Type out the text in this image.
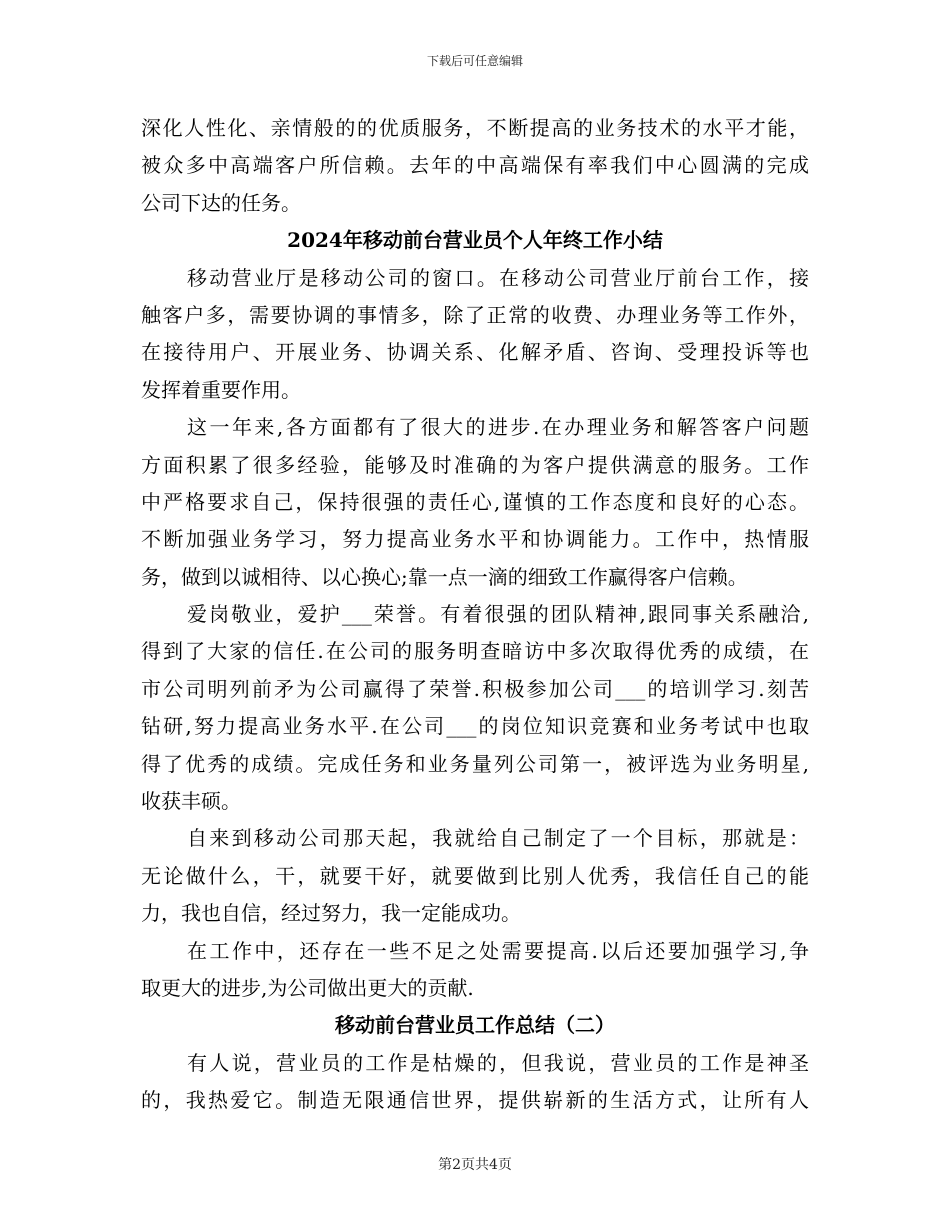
下载后可任意编辑
深化人性化、亲情般的的优质服务，不断提高的业务技术的水平才能，
被众多中高端客户所信赖。去年的中高端保有率我们中心圆满的完成
公司下达的任务。
2024年移动前台营业员个人年终工作小结
移动营业厅是移动公司的窗口。在移动公司营业厅前台工作，接
触客户多，需要协调的事情多，除了正常的收费、办理业务等工作外，
在接待用户、开展业务、协调关系、化解矛盾、咨询、受理投诉等也
发挥着重要作用。
这一年来,各方面都有了很大的进步.在办理业务和解答客户问题
方面积累了很多经验，能够及时准确的为客户提供满意的服务。工作
中严格要求自己，保持很强的责任心,谨慎的工作态度和良好的心态。
不断加强业务学习，努力提高业务水平和协调能力。工作中，热情服
务，做到以诚相待、以心换心;靠一点一滴的细致工作赢得客户信赖。
爱岗敬业，爱护___荣誉。有着很强的团队精神,跟同事关系融洽,
得到了大家的信任.在公司的服务明查暗访中多次取得优秀的成绩，在
市公司明列前矛为公司赢得了荣誉.积极参加公司___的培训学习.刻苦
钻研,努力提高业务水平.在公司___的岗位知识竞赛和业务考试中也取
得了优秀的成绩。完成任务和业务量列公司第一，被评选为业务明星,
收获丰硕。
自来到移动公司那天起，我就给自己制定了一个目标，那就是：
无论做什么，干，就要干好，就要做到比别人优秀，我信任自己的能
力，我也自信，经过努力，我一定能成功。
在工作中，还存在一些不足之处需要提高.以后还要加强学习,争
取更大的进步,为公司做出更大的贡献.
移动前台营业员工作总结（二）
有人说，营业员的工作是枯燥的，但我说，营业员的工作是神圣
的，我热爱它。制造无限通信世界，提供崭新的生活方式，让所有人
第2页共4页
